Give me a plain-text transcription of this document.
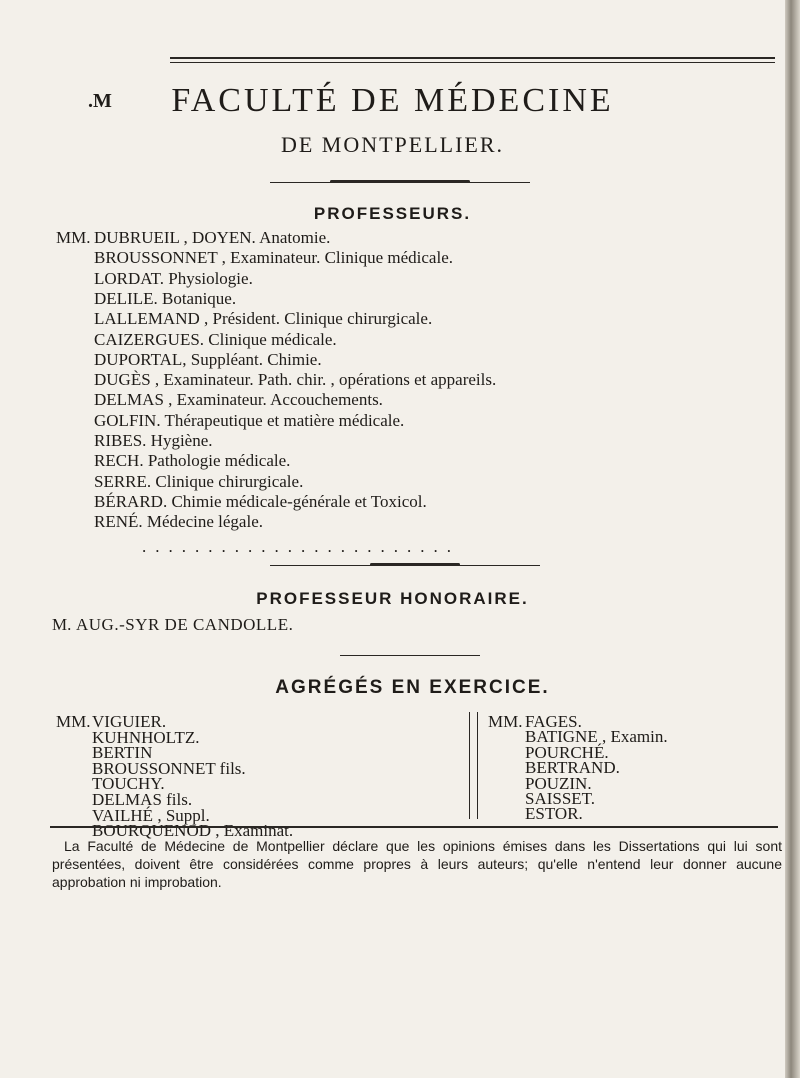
.M	FACULTÉ DE MÉDECINE
DE MONTPELLIER.
PROFESSEURS.
MM. DUBRUEIL , DOYEN. Anatomie.
BROUSSONNET , Examinateur. Clinique médicale.
LORDAT. Physiologie.
DELILE. Botanique.
LALLEMAND , Président. Clinique chirurgicale.
CAIZERGUES. Clinique médicale.
DUPORTAL, Suppléant. Chimie.
DUGÈS , Examinateur. Path. chir. , opérations et appareils.
DELMAS , Examinateur. Accouchements.
GOLFIN. Thérapeutique et matière médicale.
RIBES. Hygiène.
RECH. Pathologie médicale.
SERRE. Clinique chirurgicale.
BÉRARD. Chimie médicale-générale et Toxicol.
RENÉ. Médecine légale.
........................
PROFESSEUR HONORAIRE.
M. AUG.-SYR DE CANDOLLE.
AGRÉGÉS EN EXERCICE.
MM. VIGUIER.
KUHNHOLTZ.
BERTIN
BROUSSONNET fils.
TOUCHY.
DELMAS fils.
VAILHÉ , Suppl.
BOURQUENOD , Examinat.
MM. FAGES.
BATIGNE , Examin.
POURCHÉ.
BERTRAND.
POUZIN.
SAISSET.
ESTOR.
La Faculté de Médecine de Montpellier déclare que les opinions émises dans les Dissertations qui lui sont présentées, doivent être considérées comme propres à leurs auteurs; qu'elle n'entend leur donner aucune approbation ni improbation.
